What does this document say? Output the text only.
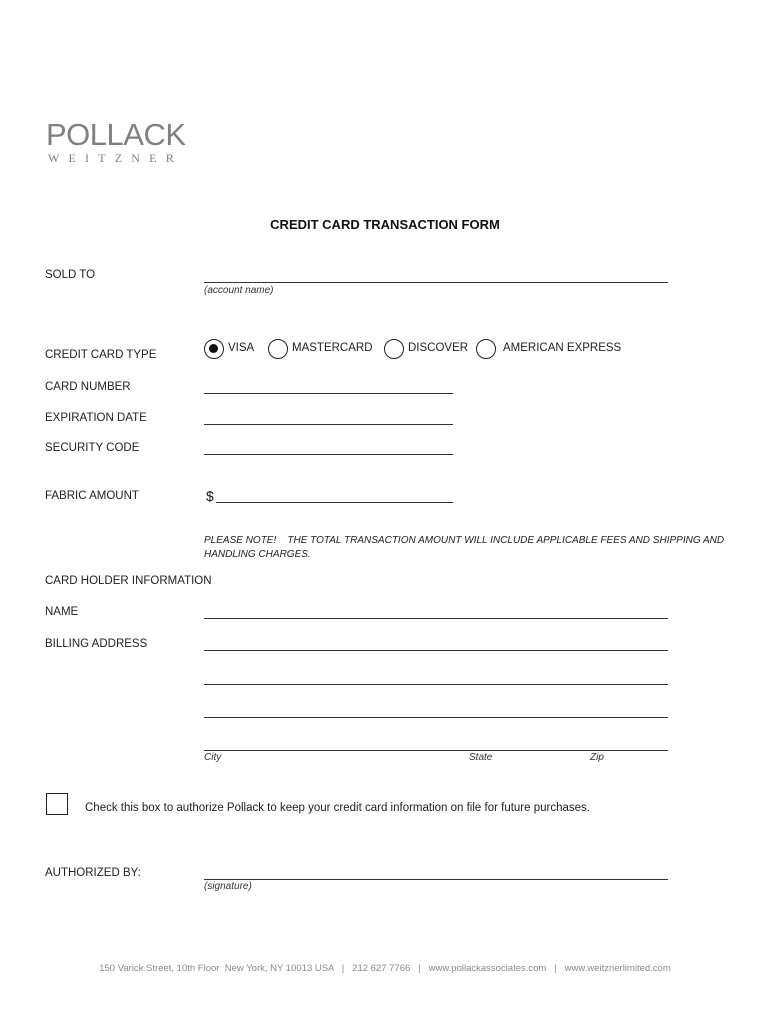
POLLACK
WEITZNER
CREDIT CARD TRANSACTION FORM
SOLD TO
(account name)
CREDIT CARD TYPE
VISA	MASTERCARD	DISCOVER	AMERICAN EXPRESS
CARD NUMBER
EXPIRATION DATE
SECURITY CODE
FABRIC AMOUNT	$
PLEASE NOTE!    THE TOTAL TRANSACTION AMOUNT WILL INCLUDE APPLICABLE FEES AND SHIPPING AND HANDLING CHARGES.
CARD HOLDER INFORMATION
NAME
BILLING ADDRESS
City	State	Zip
Check this box to authorize Pollack to keep your credit card information on file for future purchases.
AUTHORIZED BY:
(signature)
150 Varick Street, 10th Floor  New York, NY 10013 USA   |   212 627 7766   |   www.pollackassociates.com   |   www.weitznerlimited.com
